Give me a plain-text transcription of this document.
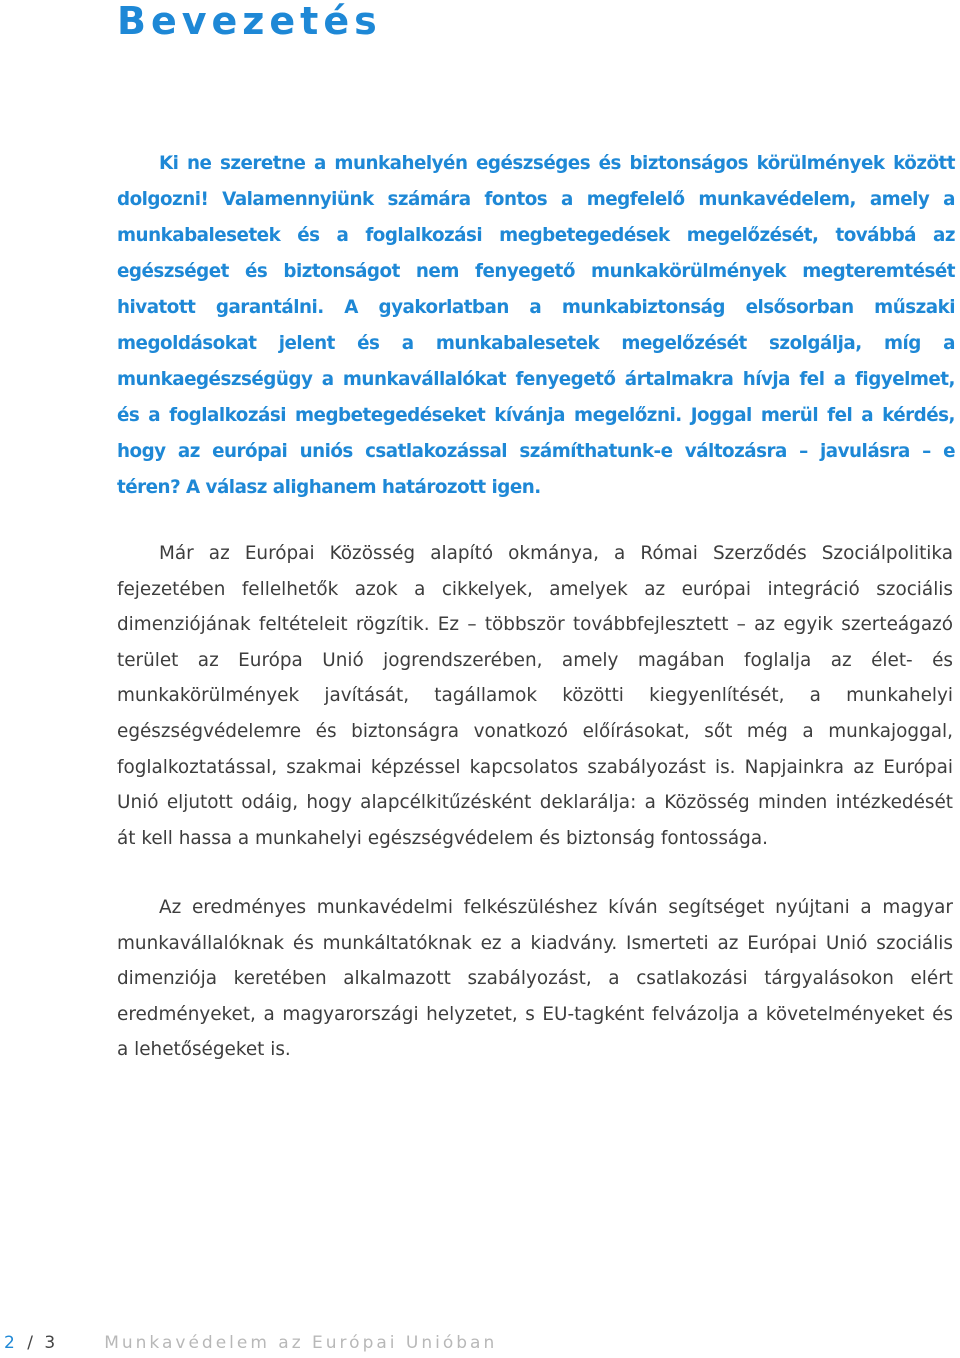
Bevezetés

Ki ne szeretne a munkahelyén egészséges és biztonságos körülmények között dolgozni! Valamennyiünk számára fontos a megfelelő munkavédelem, amely a munkabalesetek és a foglalkozási megbetegedések megelőzését, továbbá az egészséget és biztonságot nem fenyegető munkakörülmények megteremtését hivatott garantálni. A gyakorlatban a munkabiztonság elsősorban műszaki megoldásokat jelent és a munkabalesetek megelőzését szolgálja, míg a munkaegészségügy a munkavállalókat fenyegető ártalmakra hívja fel a figyelmet, és a foglalkozási megbetegedéseket kívánja megelőzni. Joggal merül fel a kérdés, hogy az európai uniós csatlakozással számíthatunk-e változásra – javulásra – e téren? A válasz alighanem határozott igen.

Már az Európai Közösség alapító okmánya, a Római Szerződés Szociálpolitika fejezetében fellelhetők azok a cikkelyek, amelyek az európai integráció szociális dimenziójának feltételeit rögzítik. Ez – többször továbbfejlesztett – az egyik szerteágazó terület az Európa Unió jogrendszerében, amely magában foglalja az élet- és munkakörülmények javítását, tagállamok közötti kiegyenlítését, a munkahelyi egészségvédelemre és biztonságra vonatkozó előírásokat, sőt még a munkajoggal, foglalkoztatással, szakmai képzéssel kapcsolatos szabályozást is. Napjainkra az Európai Unió eljutott odáig, hogy alapcélkitűzésként deklarálja: a Közösség minden intézkedését át kell hassa a munkahelyi egészségvédelem és biztonság fontossága.

Az eredményes munkavédelmi felkészüléshez kíván segítséget nyújtani a magyar munkavállalóknak és munkáltatóknak ez a kiadvány. Ismerteti az Európai Unió szociális dimenziója keretében alkalmazott szabályozást, a csatlakozási tárgyalásokon elért eredményeket, a magyarországi helyzetet, s EU-tagként felvázolja a követelményeket és a lehetőségeket is.

2 / 3	Munkavédelem az Európai Unióban
